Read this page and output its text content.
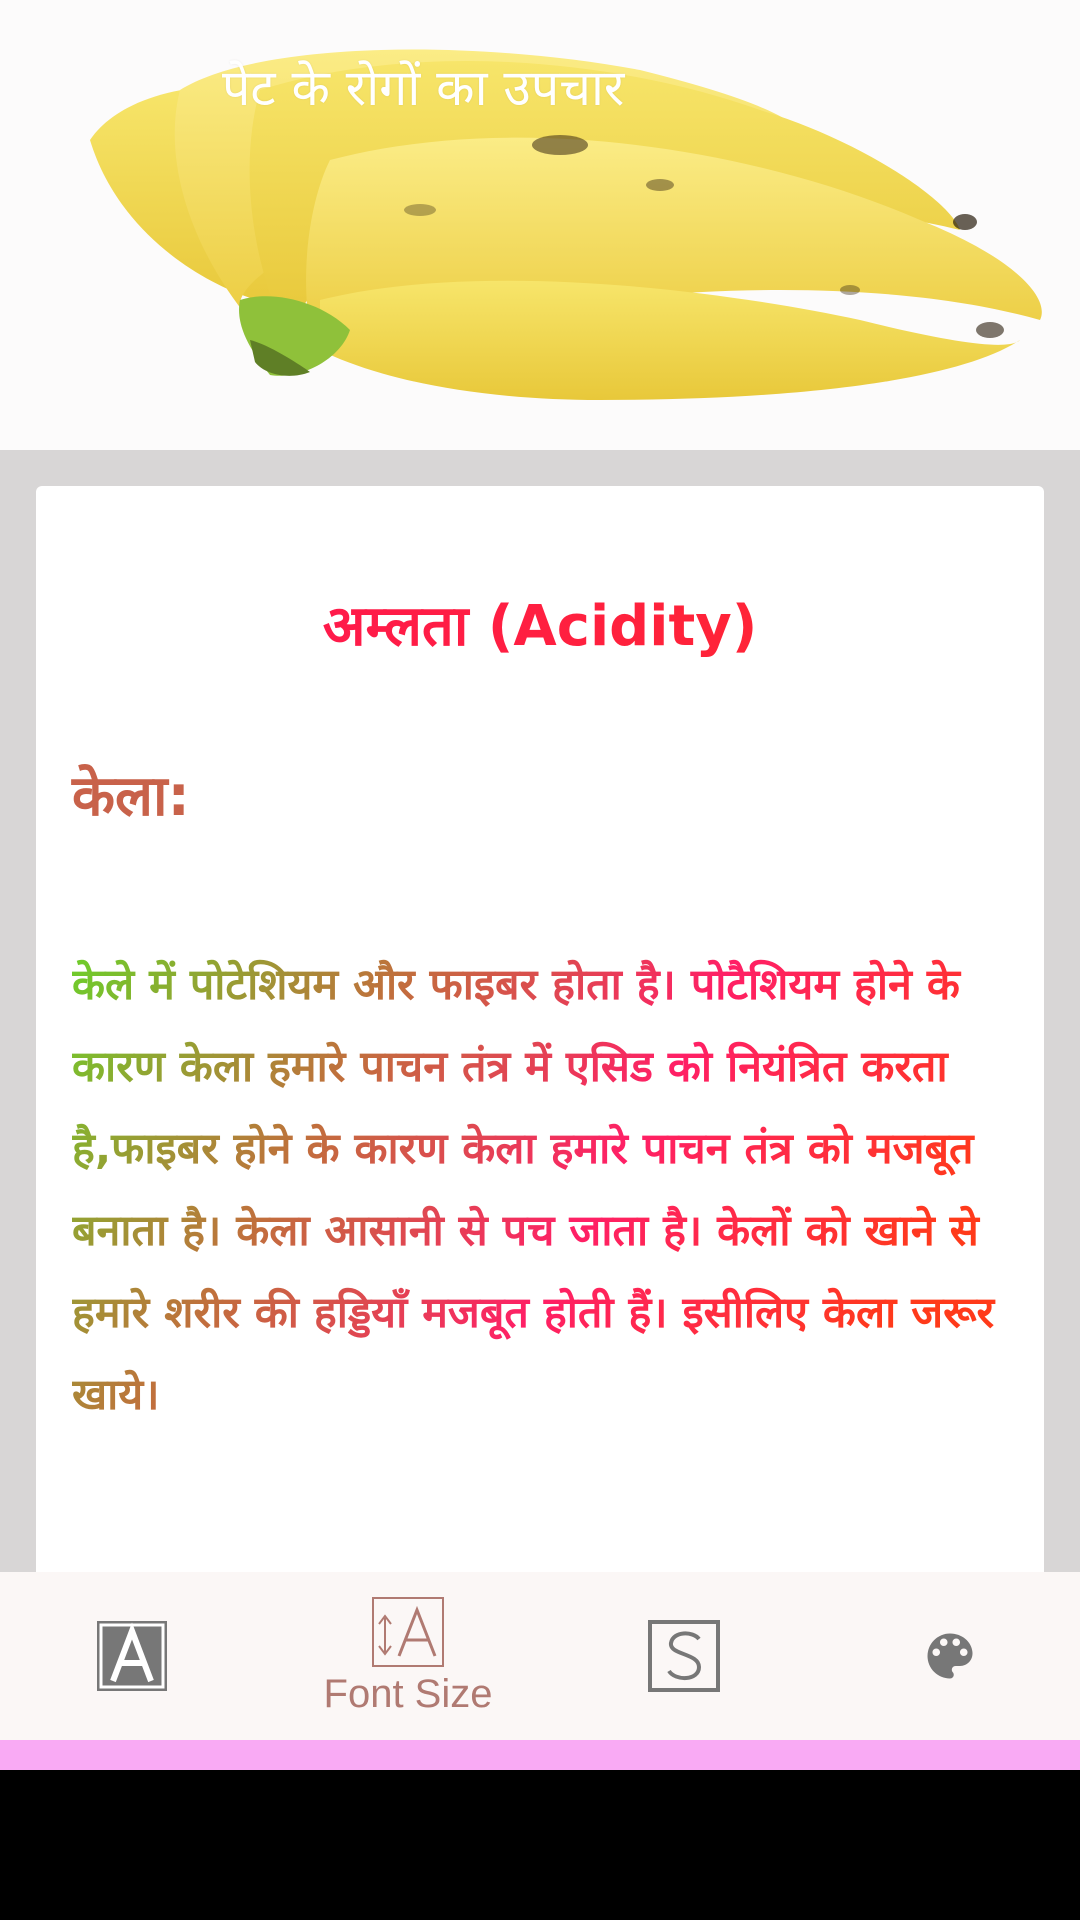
पेट के रोगों का उपचार
अम्लता (Acidity)
केला:
केले में पोटेशियम और फाइबर होता है। पोटैशियम होने के कारण केला हमारे पाचन तंत्र में एसिड को नियंत्रित करता है,फाइबर होने के कारण केला हमारे पाचन तंत्र को मजबूत बनाता है। केला आसानी से पच जाता है। केलों को खाने से हमारे शरीर की हड्डियाँ मजबूत होती हैं। इसीलिए केला जरूर खाये।
Font Size
